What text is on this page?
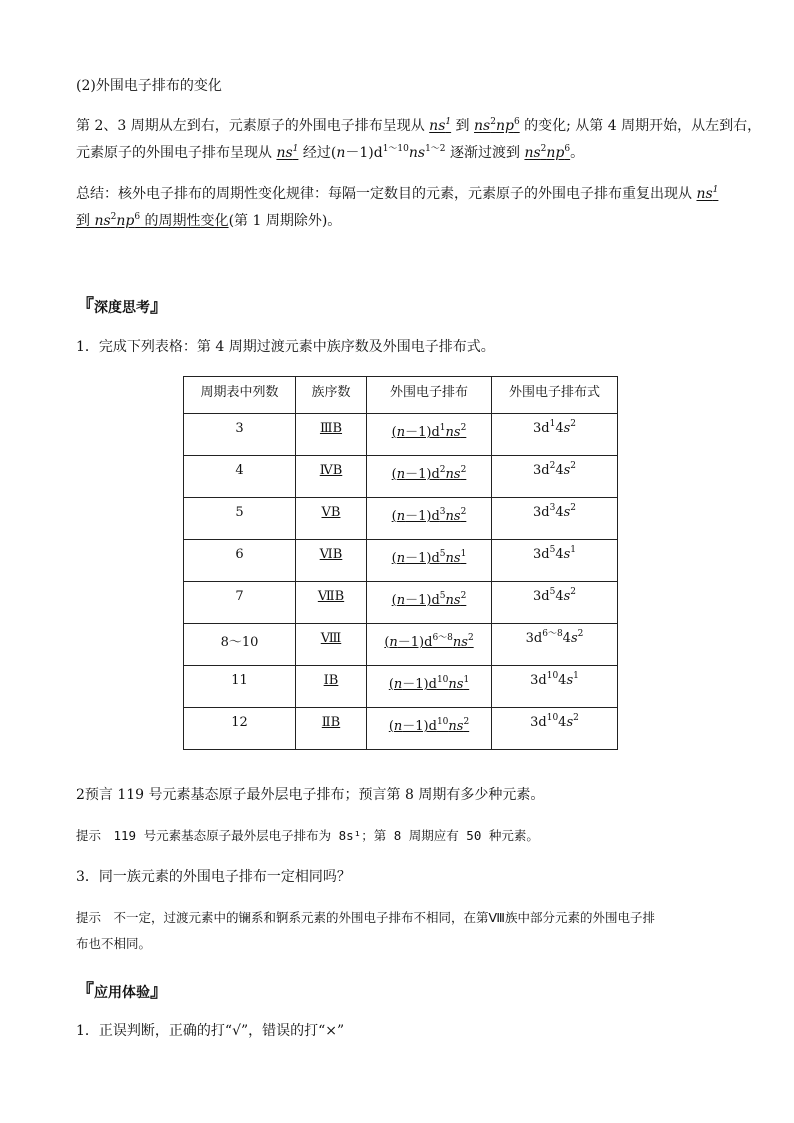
(2)外围电子排布的变化
第 2、3 周期从左到右，元素原子的外围电子排布呈现从 $ns^1$ 到 $ns^2np^6$ 的变化; 从第 4 周期开始，从左到右，
元素原子的外围电子排布呈现从 $ns^1$ 经过$(n-1)d^{1\sim 10}ns^{1\sim 2}$ 逐渐过渡到 $ns^2np^6$。
总结：核外电子排布的周期性变化规律：每隔一定数目的元素，元素原子的外围电子排布重复出现从 $ns^1$
到 $ns^2np^6$ 的周期性变化(第 1 周期除外)。
『深度思考』
1．完成下列表格：第 4 周期过渡元素中族序数及外围电子排布式。
周期表中列数	族序数	外围电子排布	外围电子排布式
3	ⅢB	$(n-1)d^1ns^2$	$3d^14s^2$
4	ⅣB	$(n-1)d^2ns^2$	$3d^24s^2$
5	ⅤB	$(n-1)d^3ns^2$	$3d^34s^2$
6	ⅥB	$(n-1)d^5ns^1$	$3d^54s^1$
7	ⅦB	$(n-1)d^5ns^2$	$3d^54s^2$
8～10	Ⅷ	$(n-1)d^{6\sim 8}ns^2$	$3d^{6\sim 8}4s^2$
11	ⅠB	$(n-1)d^{10}ns^1$	$3d^{10}4s^1$
12	ⅡB	$(n-1)d^{10}ns^2$	$3d^{10}4s^2$
2预言 119 号元素基态原子最外层电子排布；预言第 8 周期有多少种元素。
提示　119 号元素基态原子最外层电子排布为 8s¹；第 8 周期应有 50 种元素。
3．同一族元素的外围电子排布一定相同吗？
提示　不一定，过渡元素中的镧系和锕系元素的外围电子排布不相同，在第Ⅷ族中部分元素的外围电子排
布也不相同。
『应用体验』
1．正误判断，正确的打“√”，错误的打“×”
